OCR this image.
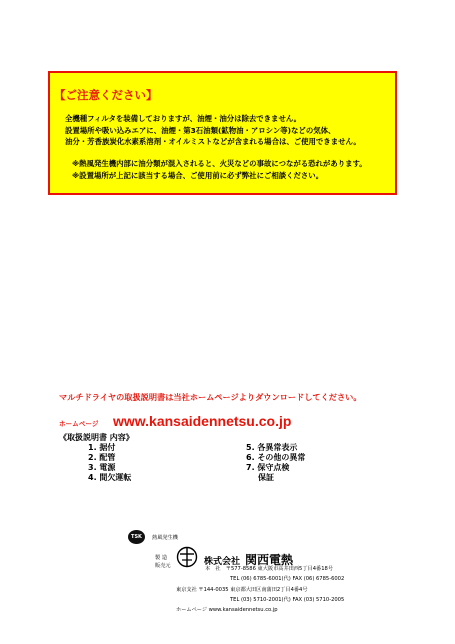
【ご注意ください】
全機種フィルタを装備しておりますが、油煙・油分は除去できません。
設置場所や吸い込みエアに、油煙・第3石油類(鉱物油・アロシン等)などの気体、
油分・芳香族炭化水素系溶剤・オイルミストなどが含まれる場合は、ご使用できません。
※熱風発生機内部に油分類が混入されると、火災などの事故につながる恐れがあります。
※設置場所が上記に該当する場合、ご使用前に必ず弊社にご相談ください。
マルチドライヤの取扱説明書は当社ホームページよりダウンロードしてください。
ホームページ www.kansaidennetsu.co.jp
《取扱説明書 内容》
1. 据付
2. 配管
3. 電源
4. 間欠運転
5. 各異常表示
6. その他の異常
7. 保守点検
保証
TSK	熱風発生機
製 造
販売元	株式会社 関西電熱
本　社　〒577-8586 東大阪市高井田西5丁目4番18号
TEL (06) 6785-6001(代) FAX (06) 6785-6002
東京支社 〒144-0035 東京都大田区南蒲田2丁目4番4号
TEL (03) 5710-2001(代) FAX (03) 5710-2005
ホームページ www.kansaidennetsu.co.jp
